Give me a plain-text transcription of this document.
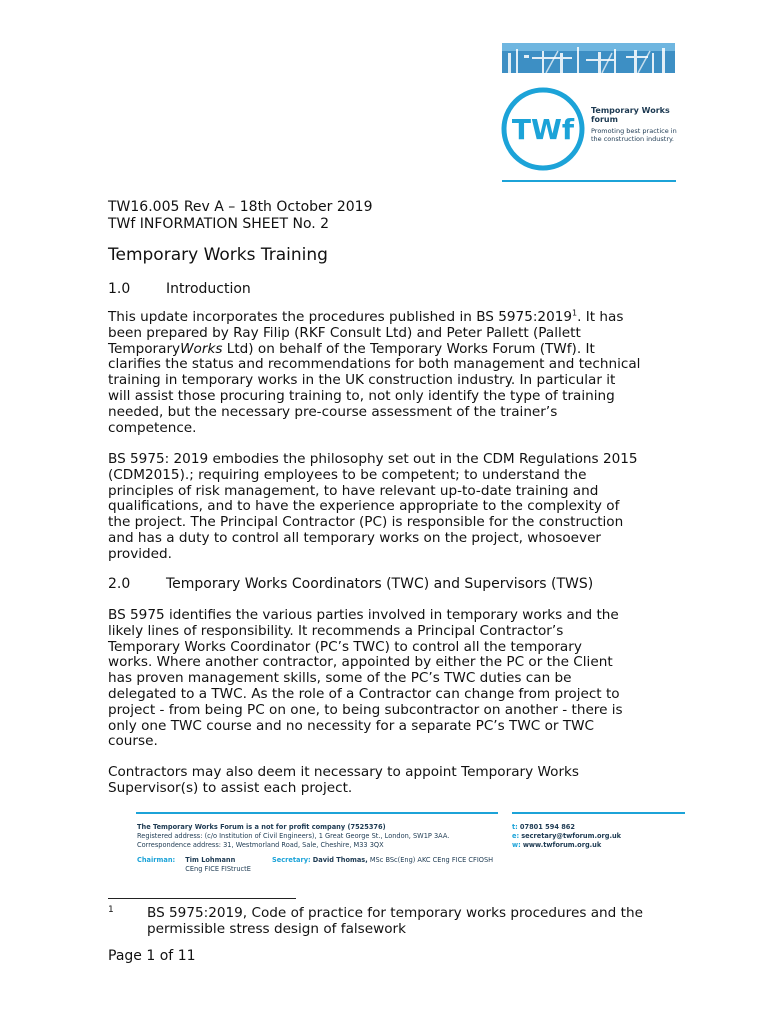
TWf
Temporary Works
forum
Promoting best practice in
the construction industry.
TW16.005 Rev A – 18th October 2019
TWf INFORMATION SHEET No. 2
Temporary Works Training
1.0	Introduction
This update incorporates the procedures published in BS 5975:2019$^1$. It has
been prepared by Ray Filip (RKF Consult Ltd) and Peter Pallett (Pallett
TemporaryWorks Ltd) on behalf of the Temporary Works Forum (TWf). It
clarifies the status and recommendations for both management and technical
training in temporary works in the UK construction industry. In particular it
will assist those procuring training to, not only identify the type of training
needed, but the necessary pre-course assessment of the trainer’s
competence.
BS 5975: 2019 embodies the philosophy set out in the CDM Regulations 2015
(CDM2015).; requiring employees to be competent; to understand the
principles of risk management, to have relevant up-to-date training and
qualifications, and to have the experience appropriate to the complexity of
the project. The Principal Contractor (PC) is responsible for the construction
and has a duty to control all temporary works on the project, whosoever
provided.
2.0	Temporary Works Coordinators (TWC) and Supervisors (TWS)
BS 5975 identifies the various parties involved in temporary works and the
likely lines of responsibility. It recommends a Principal Contractor’s
Temporary Works Coordinator (PC’s TWC) to control all the temporary
works. Where another contractor, appointed by either the PC or the Client
has proven management skills, some of the PC’s TWC duties can be
delegated to a TWC. As the role of a Contractor can change from project to
project - from being PC on one, to being subcontractor on another - there is
only one TWC course and no necessity for a separate PC’s TWC or TWC
course.
Contractors may also deem it necessary to appoint Temporary Works
Supervisor(s) to assist each project.
The Temporary Works Forum is a not for profit company (7525376)
Registered address: (c/o Institution of Civil Engineers), 1 Great George St., London, SW1P 3AA.
Correspondence address: 31, Westmorland Road, Sale, Cheshire, M33 3QX
t: 07801 594 862
e: secretary@twforum.org.uk
w: www.twforum.org.uk
Chairman: Tim Lohmann
CEng FICE FIStructE
Secretary: David Thomas, MSc BSc(Eng) AKC CEng FICE CFIOSH
1 BS 5975:2019, Code of practice for temporary works procedures and the
permissible stress design of falsework
Page 1 of 11
